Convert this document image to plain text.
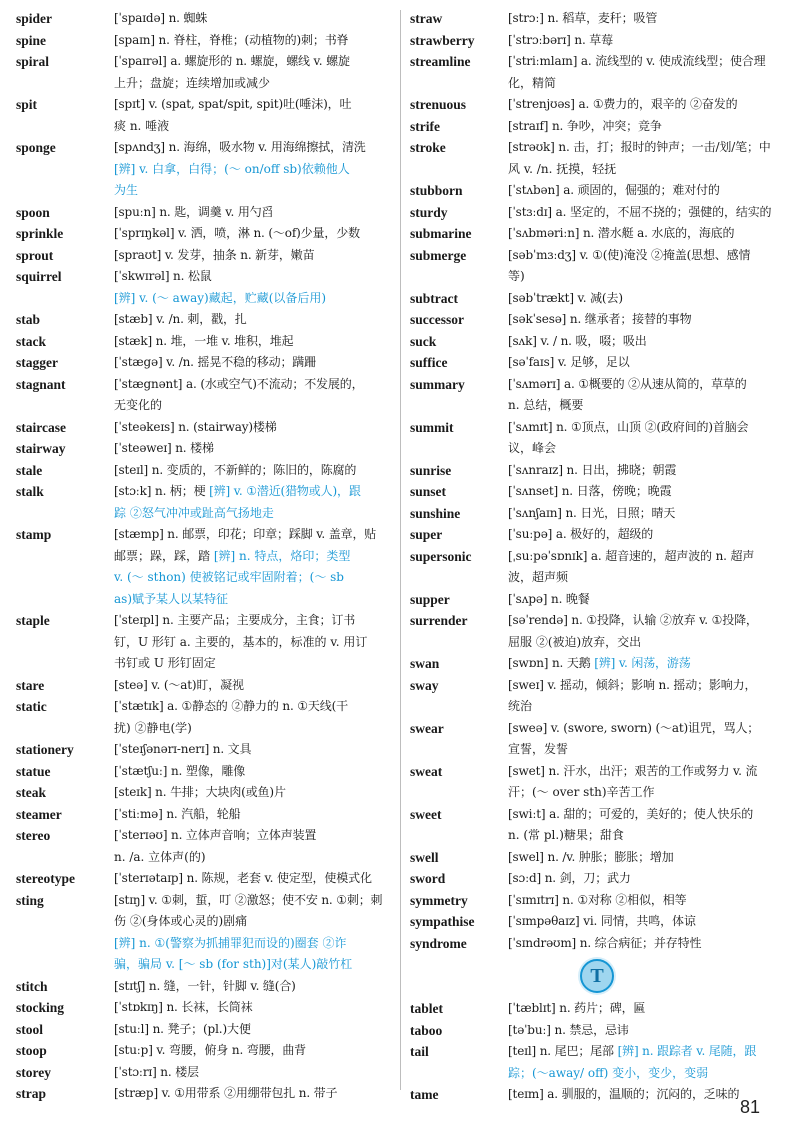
spider	[ˈspaɪdə] n. 蜘蛛
spine	[spaɪn] n. 脊柱，脊椎；(动植物的)刺；书脊
spiral	[ˈspaɪrəl] a. 螺旋形的 n. 螺旋，螺线 v. 螺旋
上升；盘旋；连续增加或减少
spit	[spɪt] v. (spat, spat/spit, spit)吐(唾沫)，吐
痰 n. 唾液
sponge	[spʌndʒ] n. 海绵，吸水物 v. 用海绵擦拭，清洗
[辨] v. 白拿，白得；(～ on/off sb)依赖他人
为生
spoon	[spuːn] n. 匙，调羹 v. 用勺舀
sprinkle	[ˈsprɪŋkəl] v. 洒，喷，淋 n. (～of)少量，少数
sprout	[spraʊt] v. 发芽，抽条 n. 新芽，嫩苗
squirrel	[ˈskwɪrəl] n. 松鼠
[辨] v. (～ away)藏起，贮藏(以备后用)
stab	[stæb] v. /n. 刺，戳，扎
stack	[stæk] n. 堆，一堆 v. 堆积，堆起
stagger	[ˈstægə] v. /n. 摇晃不稳的移动；蹒跚
stagnant	[ˈstægnənt] a. (水或空气)不流动；不发展的，
无变化的
staircase	[ˈsteəkeɪs] n. (stairway)楼梯
stairway	[ˈsteəweɪ] n. 楼梯
stale	[steɪl] n. 变质的，不新鲜的；陈旧的，陈腐的
stalk	[stɔːk] n. 柄；梗 [辨] v. ①潜近(猎物或人)，跟
踪 ②怒气冲冲或趾高气扬地走
stamp	[stæmp] n. 邮票，印花；印章；踩脚 v. 盖章，贴
邮票；跺，踩，踏 [辨] n. 特点，烙印；类型
v. (～ sthon) 使被铭记或牢固附着；(～ sb
as)赋予某人以某特征
staple	[ˈsteɪpl] n. 主要产品；主要成分，主食；订书
钉，U 形钉 a. 主要的，基本的，标准的 v. 用订
书钉或 U 形钉固定
stare	[steə] v. (～at)盯，凝视
static	[ˈstætɪk] a. ①静态的 ②静力的 n. ①天线(干
扰) ②静电(学)
stationery	[ˈsteɪʃənərɪ-nerɪ] n. 文具
statue	[ˈstætʃuː] n. 塑像，雕像
steak	[steɪk] n. 牛排；大块肉(或鱼)片
steamer	[ˈstiːmə] n. 汽船，轮船
stereo	[ˈsterɪəʊ] n. 立体声音响；立体声装置
n. /a. 立体声(的)
stereotype	[ˈsterɪətaɪp] n. 陈规，老套 v. 使定型，使模式化
sting	[stɪŋ] v. ①刺，蜇，叮 ②激怒；使不安 n. ①刺；刺
伤 ②(身体或心灵的)剧痛
[辨] n. ①(警察为抓捕罪犯而设的)圈套 ②诈
骗，骗局 v. [～ sb (for sth)]对(某人)敲竹杠
stitch	[stɪtʃ] n. 缝，一针，针脚 v. 缝(合)
stocking	[ˈstɒkɪŋ] n. 长袜，长筒袜
stool	[stuːl] n. 凳子；(pl.)大便
stoop	[stuːp] v. 弯腰，俯身 n. 弯腰，曲背
storey	[ˈstɔːrɪ] n. 楼层
strap	[stræp] v. ①用带系 ②用绷带包扎 n. 带子
straw	[strɔː] n. 稻草，麦秆；吸管
strawberry	[ˈstrɔːbərɪ] n. 草莓
streamline	[ˈstriːmlaɪn] a. 流线型的 v. 使成流线型；使合理
化，精简
strenuous	[ˈstrenjʊəs] a. ①费力的，艰辛的 ②奋发的
strife	[straɪf] n. 争吵，冲突；竞争
stroke	[strəʊk] n. 击，打；报时的钟声；一击/划/笔；中
风 v. /n. 抚摸，轻抚
stubborn	[ˈstʌbən] a. 顽固的，倔强的；难对付的
sturdy	[ˈstɜːdɪ] a. 坚定的，不屈不挠的；强健的，结实的
submarine	[ˈsʌbməriːn] n. 潜水艇 a. 水底的，海底的
submerge	[səbˈmɜːdʒ] v. ①(使)淹没 ②掩盖(思想、感情
等)
subtract	[səbˈtrækt] v. 减(去)
successor	[səkˈsesə] n. 继承者；接替的事物
suck	[sʌk] v. / n. 吸，啜；吸出
suffice	[səˈfaɪs] v. 足够，足以
summary	[ˈsʌmərɪ] a. ①概要的 ②从速从简的，草草的
n. 总结，概要
summit	[ˈsʌmɪt] n. ①顶点，山顶 ②(政府间的)首脑会
议，峰会
sunrise	[ˈsʌnraɪz] n. 日出，拂晓；朝霞
sunset	[ˈsʌnset] n. 日落，傍晚；晚霞
sunshine	[ˈsʌnʃaɪn] n. 日光，日照；晴天
super	[ˈsuːpə] a. 极好的，超级的
supersonic	[ˌsuːpəˈsɒnɪk] a. 超音速的，超声波的 n. 超声
波，超声频
supper	[ˈsʌpə] n. 晚餐
surrender	[səˈrendə] n. ①投降，认输 ②放弃 v. ①投降，
屈服 ②(被迫)放弃，交出
swan	[swɒn] n. 天鹅 [辨] v. 闲荡，游荡
sway	[sweɪ] v. 摇动，倾斜；影响 n. 摇动；影响力，
统治
swear	[sweə] v. (swore, sworn) (～at)诅咒，骂人；
宣誓，发誓
sweat	[swet] n. 汗水，出汗；艰苦的工作或努力 v. 流
汗；(～ over sth)辛苦工作
sweet	[swiːt] a. 甜的；可爱的，美好的；使人快乐的
n. (常 pl.)糖果；甜食
swell	[swel] n. /v. 肿胀；膨胀；增加
sword	[sɔːd] n. 剑，刀；武力
symmetry	[ˈsɪmɪtrɪ] n. ①对称 ②相似，相等
sympathise	[ˈsɪmpəθaɪz] vi. 同情，共鸣，体谅
syndrome	[ˈsɪndrəʊm] n. 综合病征；并存特性
T
tablet	[ˈtæblɪt] n. 药片；碑，匾
taboo	[təˈbuː] n. 禁忌，忌讳
tail	[teɪl] n. 尾巴；尾部 [辨] n. 跟踪者 v. 尾随，跟
踪；(～away/ off) 变小，变少，变弱
tame	[teɪm] a. 驯服的，温顺的；沉闷的，乏味的
81
